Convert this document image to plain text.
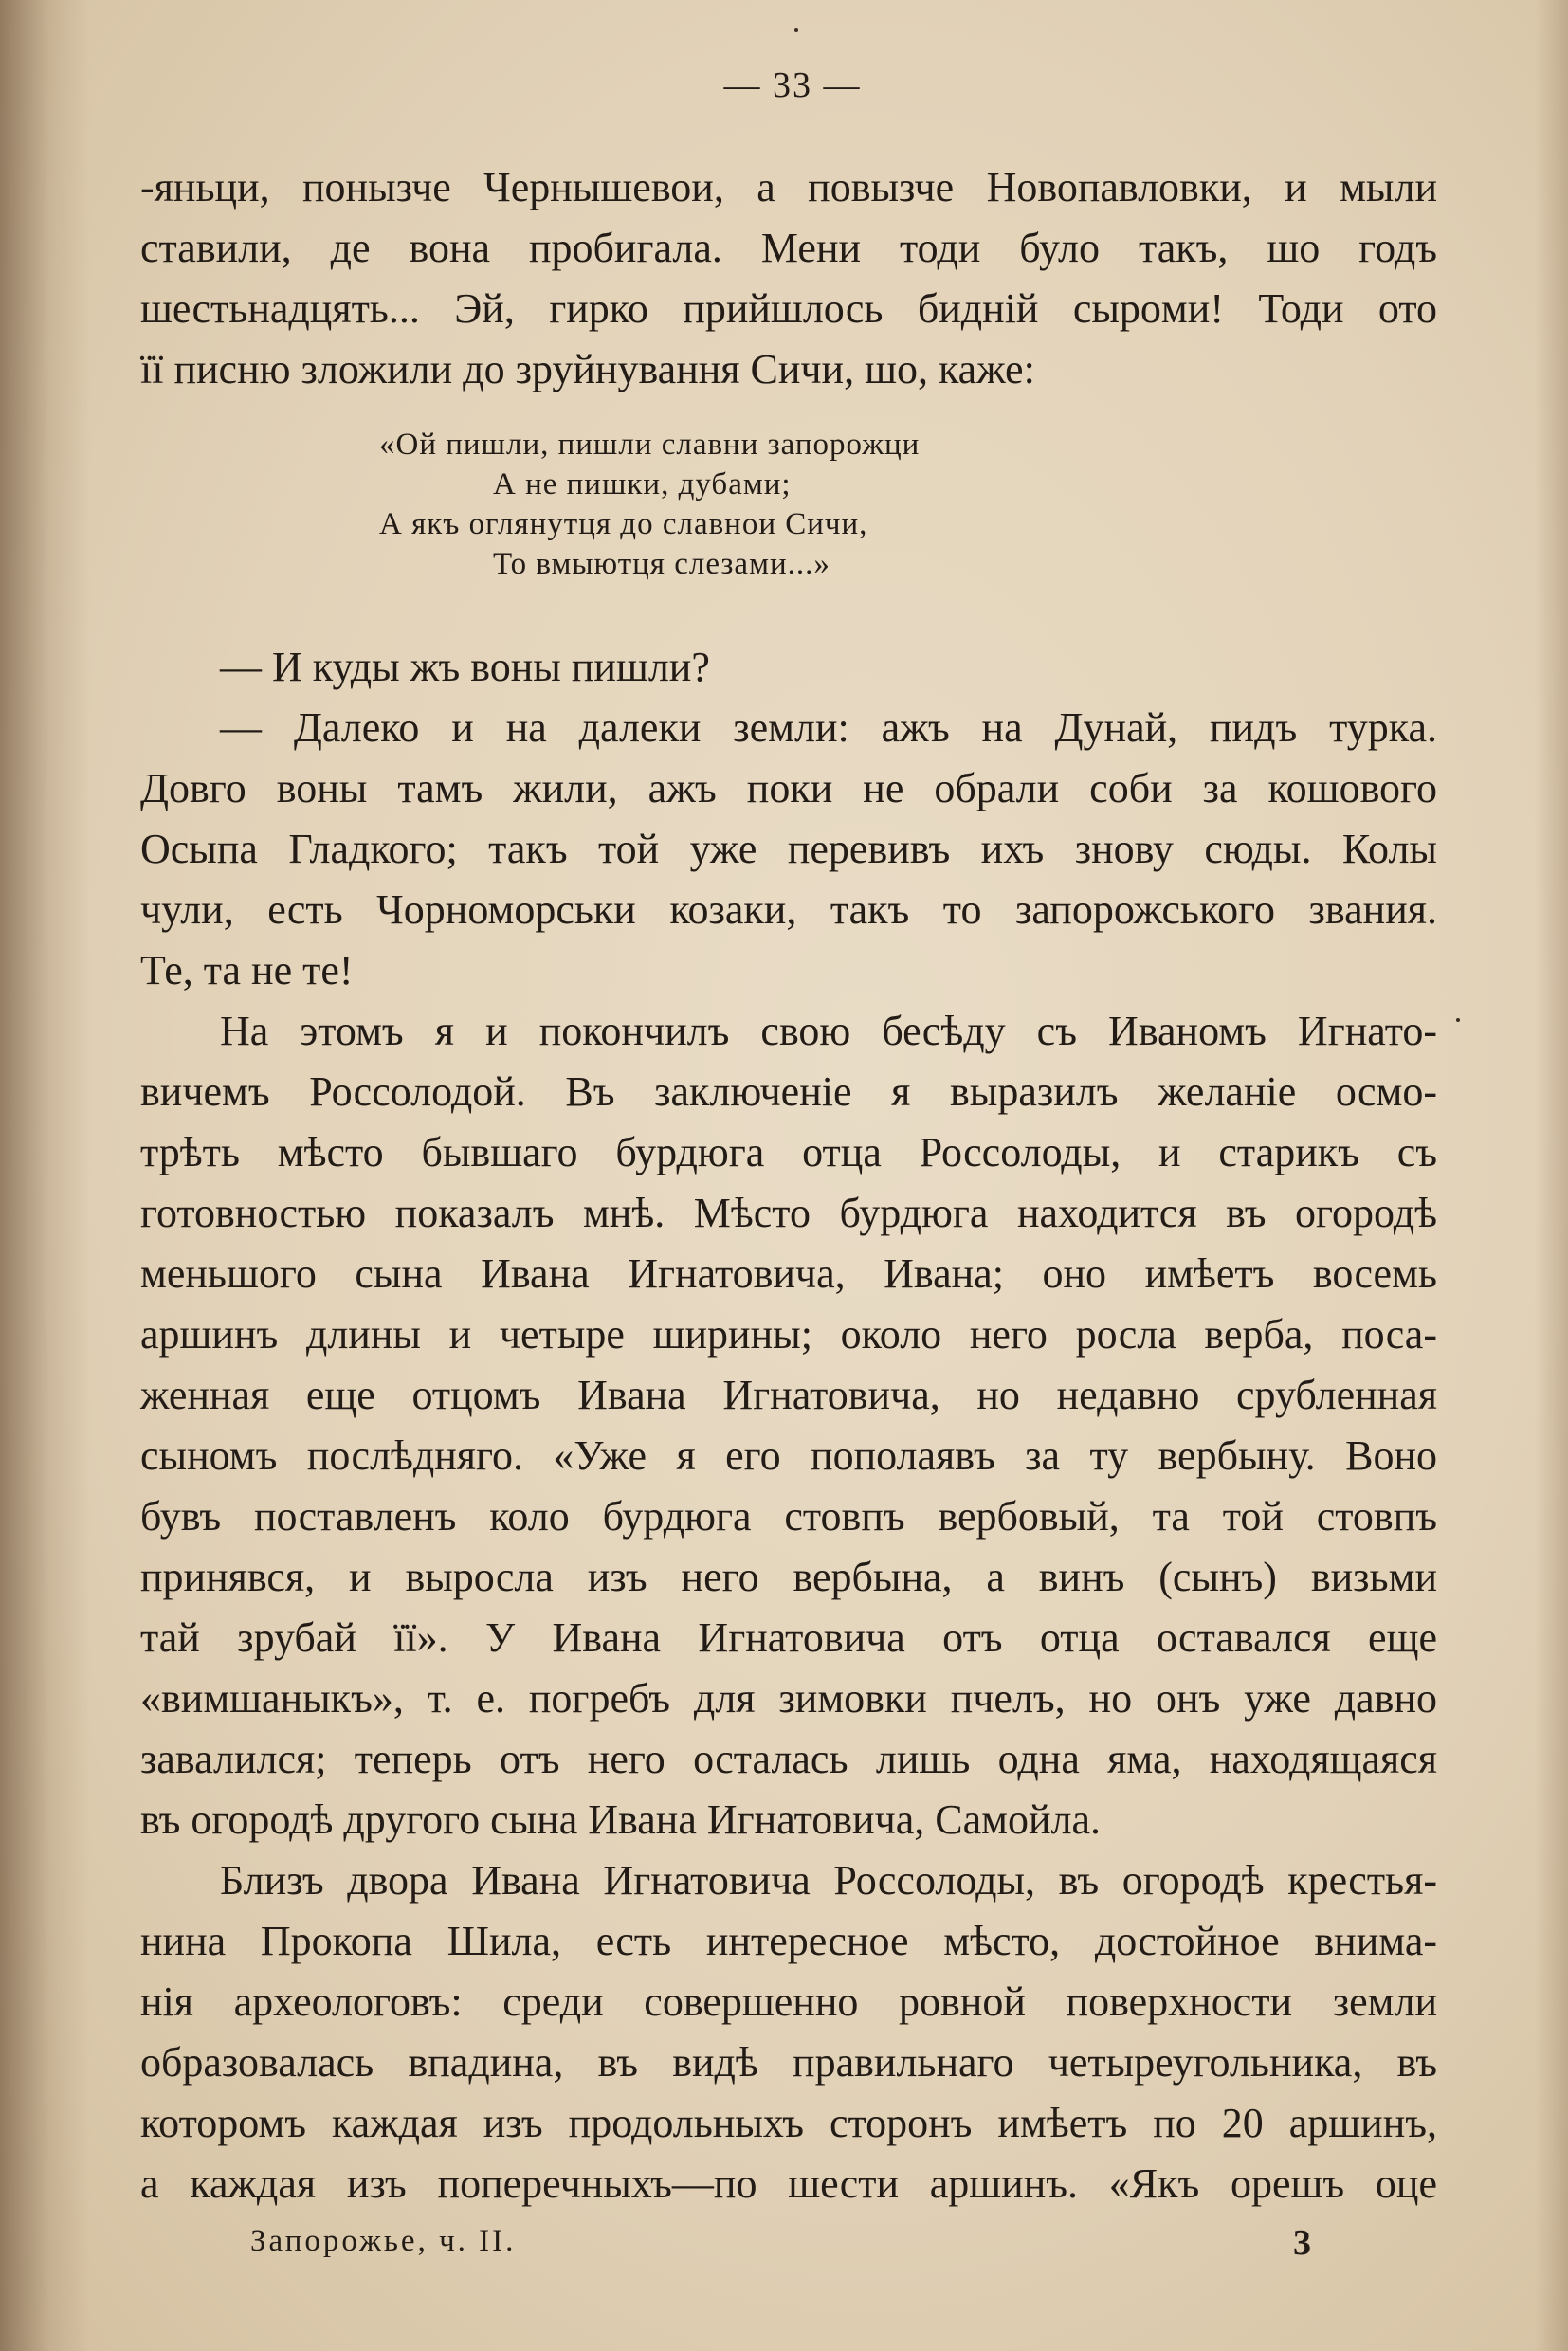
— 33 —
-яньци, понызче Чернышевои, а повызче Новопавловки, и мыли
ставили, де вона пробигала. Мени тоди було такъ, шо годъ
шестьнадцять... Эй, гирко прийшлось биднiй сырoми! Тоди ото
ïï писню зложили до зруйнування Сичи, шо, каже:
«Ой пишли, пишли славни запорожци
А не пишки, дубами;
А якъ оглянутця до славнои Сичи,
То вмыютця слезами...»
— И куды жъ воны пишли?
— Далеко и на далеки земли: ажъ на Дунай, пидъ турка.
Довго воны тамъ жили, ажъ поки не обрали соби за кошового
Осыпа Гладкого; такъ той уже перевивъ ихъ знову сюды. Колы
чули, есть Чорноморськи козаки, такъ то запорожського звания.
Те, та не те!
На этомъ я и покончилъ свою бесѣду съ Иваномъ Игнато-
вичемъ Россолодой. Въ заключенiе я выразилъ желанiе осмо-
трѣть мѣсто бывшаго бурдюга отца Россолоды, и старикъ съ
готовностью показалъ мнѣ. Мѣсто бурдюга находится въ огородѣ
меньшого сына Ивана Игнатовича, Ивана; оно имѣетъ восемь
аршинъ длины и четыре ширины; около него росла верба, поса-
женная еще отцомъ Ивана Игнатовича, но недавно срубленная
сыномъ послѣдняго. «Уже я его пополаявъ за ту вербыну. Воно
бувъ поставленъ коло бурдюга стовпъ вербовый, та той стовпъ
принявся, и выросла изъ него вербына, а винъ (сынъ) визьми
тай зрубай ïï». У Ивана Игнатовича отъ отца оставался еще
«вимшаныкъ», т. е. погребъ для зимовки пчелъ, но онъ уже давно
завалился; теперь отъ него осталась лишь одна яма, находящаяся
въ огородѣ другого сына Ивана Игнатовича, Самойла.
Близъ двора Ивана Игнатовича Россолоды, въ огородѣ крестья-
нина Прокопа Шила, есть интересное мѣсто, достойное внима-
нiя археологовъ: среди совершенно ровной поверхности земли
образовалась впадина, въ видѣ правильнаго четыреугольника, въ
которомъ каждая изъ продольныхъ сторонъ имѣетъ по 20 аршинъ,
а каждая изъ поперечныхъ—по шести аршинъ. «Якъ орешъ оце
Запорожье, ч. II.	3
